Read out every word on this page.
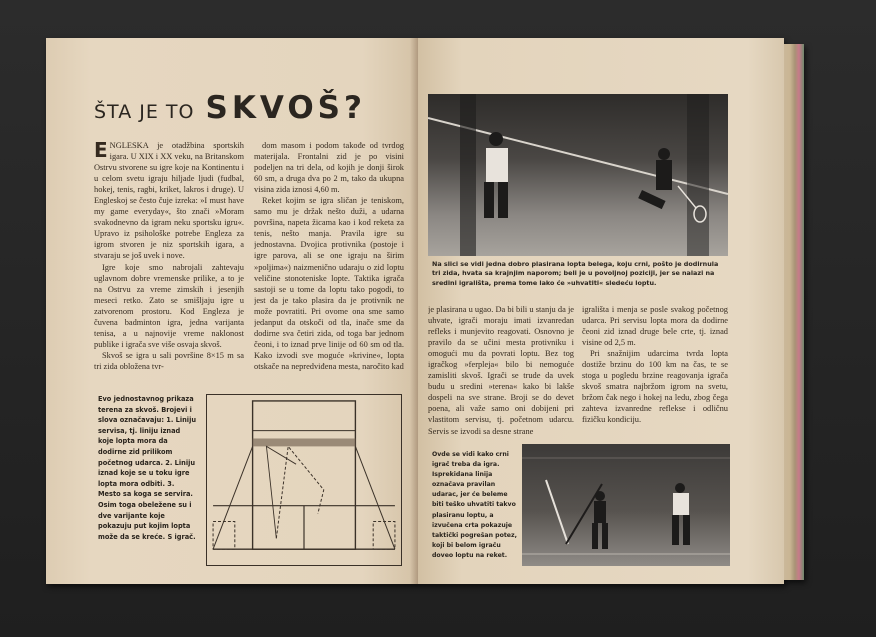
ŠTA JE TO SKVOŠ?
E NGLESKA je otadžbina sportskih igara. U XIX i XX veku, na Britanskom Ostrvu stvorene su igre koje na Kontinentu i u celom svetu igraju hiljade ljudi (fudbal, hokej, tenis, ragbi, kriket, lakros i druge). U Engleskoj se često čuje izreka: »I must have my game everyday«, što znači »Moram svakodnevno da igram neku sportsku igru«. Upravo iz psihološke potrebe Engleza za igrom stvoren je niz sportskih igara, a stvaraju se još uvek i nove.

Igre koje smo nabrojali zahtevaju uglavnom dobre vremenske prilike, a to je na Ostrvu za vreme zimskih i jesenjih meseci retko. Zato se smišljaju igre u zatvorenom prostoru. Kod Engleza je čuvena badminton igra, jedna varijanta tenisa, a u najnovije vreme naklonost publike i igrača sve više osvaja skvoš.

Skvoš se igra u sali površine 8×15 m sa tri zida obložena tvr-

dom masom i podom takođe od tvrdog materijala. Frontalni zid je po visini podeljen na tri dela, od kojih je donji širok 60 sm, a druga dva po 2 m, tako da ukupna visina zida iznosi 4,60 m.

Reket kojim se igra sličan je teniskom, samo mu je držak nešto duži, a udarna površina, napeta žicama kao i kod reketa za tenis, nešto manja. Pravila igre su jednostavna. Dvojica protivnika (postoje i igre parova, ali se one igraju na širim »poljima«) naizmenično udaraju o zid loptu veličine stonoteniske lopte. Taktika igrača sastoji se u tome da loptu tako pogodi, to jest da je tako plasira da je protivnik ne može povratiti. Pri ovome ona sme samo jedanput da otskoči od tla, inače sme da dodirne sva četiri zida, od toga bar jednom čeoni, i to iznad prve linije od 60 sm od tla. Kako izvodi sve moguće »krivine«, lopta otskače na nepredviđena mesta, naročito kad

Evo jednostavnog prikaza terena za skvoš. Brojevi i slova označavaju: 1. Liniju servisa, tj. liniju iznad koje lopta mora da dodirne zid prilikom početnog udarca. 2. Liniju iznad koje se u toku igre lopta mora odbiti. 3. Mesto sa koga se servira. Osim toga obeležene su i dve varijante koje pokazuju put kojim lopta može da se kreće. S igrač.
Na slici se vidi jedna dobro plasirana lopta belega, koju crni, pošto je dodirnula tri zida, hvata sa krajnjim naporom; beli je u povoljnoj poziciji, jer se nalazi na sredini igrališta, prema tome lako će »uhvatiti« sledeću loptu.

je plasirana u ugao. Da bi bili u stanju da je uhvate, igrači moraju imati izvanredan refleks i munjevito reagovati. Osnovno je pravilo da se učini mesta protivniku i omogući mu da povrati loptu. Bez tog igračkog »ferpleja« bilo bi nemoguće zamisliti skvoš. Igrači se trude da uvek budu u sredini »terena« kako bi lakše dospeli na sve strane. Broji se do devet poena, ali važe samo oni dobijeni pri vlastitom servisu, tj. početnom udarcu. Servis se izvodi sa desne strane

igrališta i menja se posle svakog početnog udarca. Pri servisu lopta mora da dodirne čeoni zid iznad druge bele crte, tj. iznad visine od 2,5 m.

Pri snažnijim udarcima tvrda lopta dostiže brzinu do 100 km na čas, te se stoga u pogledu brzine reagovanja igrača skvoš smatra najbržom igrom na svetu, bržom čak nego i hokej na ledu, zbog čega zahteva izvanredne reflekse i odličnu fizičku kondiciju.

Ovde se vidi kako crni igrač treba da igra. Isprekidana linija označava pravilan udarac, jer će beleme biti teško uhvatiti takvo plasiranu loptu, a izvučena crta pokazuje taktički pogrešan potez, koji bi belom igraču dovео loptu na reket.
